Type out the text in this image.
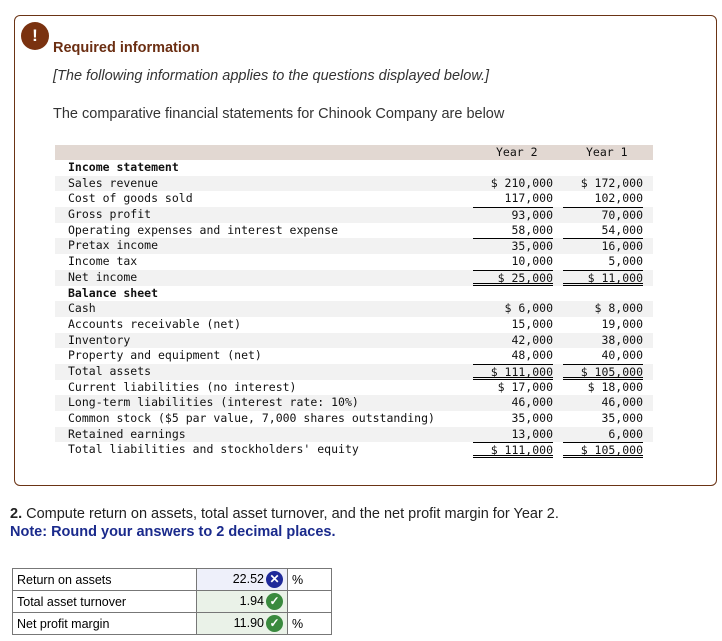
!
Required information
[The following information applies to the questions displayed below.]
The comparative financial statements for Chinook Company are below
Year 2	Year 1
Income statement
Sales revenue	$ 210,000	$ 172,000
Cost of goods sold	117,000	102,000
Gross profit	93,000	70,000
Operating expenses and interest expense	58,000	54,000
Pretax income	35,000	16,000
Income tax	10,000	5,000
Net income	$ 25,000	$ 11,000
Balance sheet
Cash	$ 6,000	$ 8,000
Accounts receivable (net)	15,000	19,000
Inventory	42,000	38,000
Property and equipment (net)	48,000	40,000
Total assets	$ 111,000	$ 105,000
Current liabilities (no interest)	$ 17,000	$ 18,000
Long-term liabilities (interest rate: 10%)	46,000	46,000
Common stock ($5 par value, 7,000 shares outstanding)	35,000	35,000
Retained earnings	13,000	6,000
Total liabilities and stockholders' equity	$ 111,000	$ 105,000
2. Compute return on assets, total asset turnover, and the net profit margin for Year 2.
Note: Round your answers to 2 decimal places.
Return on assets	22.52 ✕	%
Total asset turnover	1.94 ✓	
Net profit margin	11.90 ✓	%
